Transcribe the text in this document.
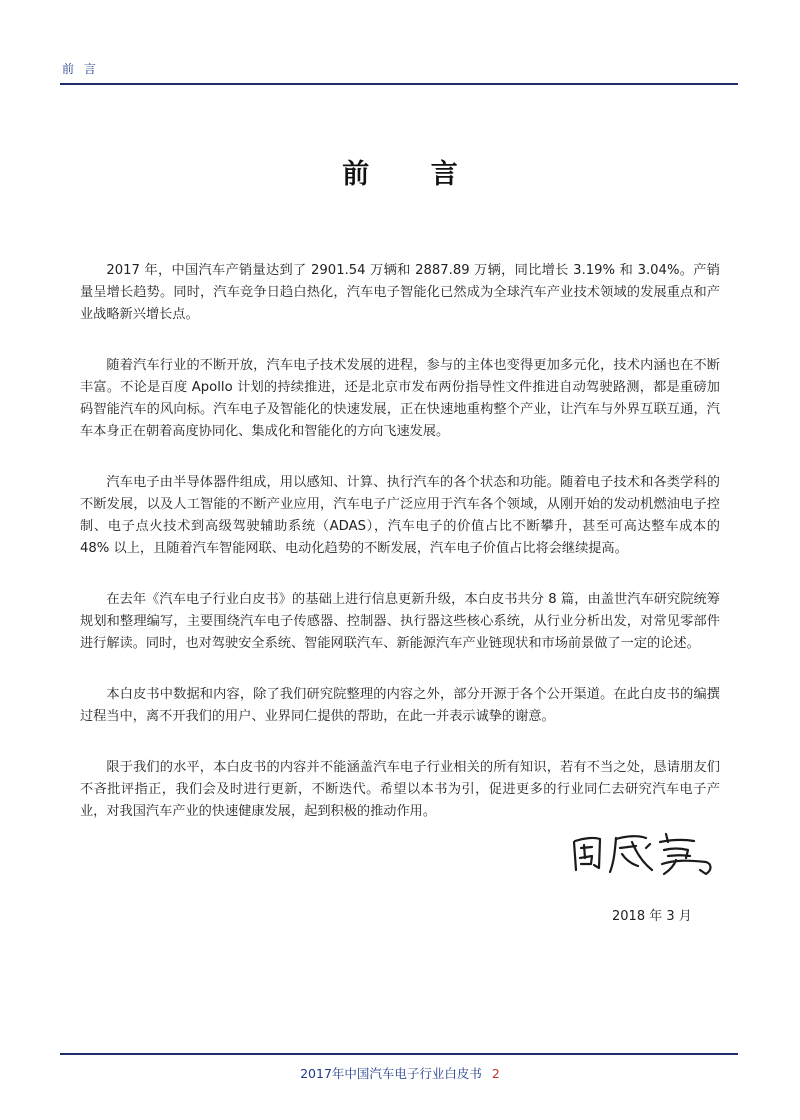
前 言
前 言

2017 年，中国汽车产销量达到了 2901.54 万辆和 2887.89 万辆，同比增长 3.19% 和 3.04%。产销量呈增长趋势。同时，汽车竞争日趋白热化，汽车电子智能化已然成为全球汽车产业技术领域的发展重点和产业战略新兴增长点。

随着汽车行业的不断开放，汽车电子技术发展的进程，参与的主体也变得更加多元化，技术内涵也在不断丰富。不论是百度 Apollo 计划的持续推进，还是北京市发布两份指导性文件推进自动驾驶路测，都是重磅加码智能汽车的风向标。汽车电子及智能化的快速发展，正在快速地重构整个产业，让汽车与外界互联互通，汽车本身正在朝着高度协同化、集成化和智能化的方向飞速发展。

汽车电子由半导体器件组成，用以感知、计算、执行汽车的各个状态和功能。随着电子技术和各类学科的不断发展，以及人工智能的不断产业应用，汽车电子广泛应用于汽车各个领域，从刚开始的发动机燃油电子控制、电子点火技术到高级驾驶辅助系统（ADAS），汽车电子的价值占比不断攀升，甚至可高达整车成本的 48% 以上，且随着汽车智能网联、电动化趋势的不断发展，汽车电子价值占比将会继续提高。

在去年《汽车电子行业白皮书》的基础上进行信息更新升级，本白皮书共分 8 篇，由盖世汽车研究院统筹规划和整理编写，主要围绕汽车电子传感器、控制器、执行器这些核心系统，从行业分析出发，对常见零部件进行解读。同时，也对驾驶安全系统、智能网联汽车、新能源汽车产业链现状和市场前景做了一定的论述。

本白皮书中数据和内容，除了我们研究院整理的内容之外，部分开源于各个公开渠道。在此白皮书的编撰过程当中，离不开我们的用户、业界同仁提供的帮助，在此一并表示诚挚的谢意。

限于我们的水平，本白皮书的内容并不能涵盖汽车电子行业相关的所有知识，若有不当之处，恳请朋友们不吝批评指正，我们会及时进行更新，不断迭代。希望以本书为引，促进更多的行业同仁去研究汽车电子产业，对我国汽车产业的快速健康发展，起到积极的推动作用。

2018 年 3 月
2017年中国汽车电子行业白皮书 2
